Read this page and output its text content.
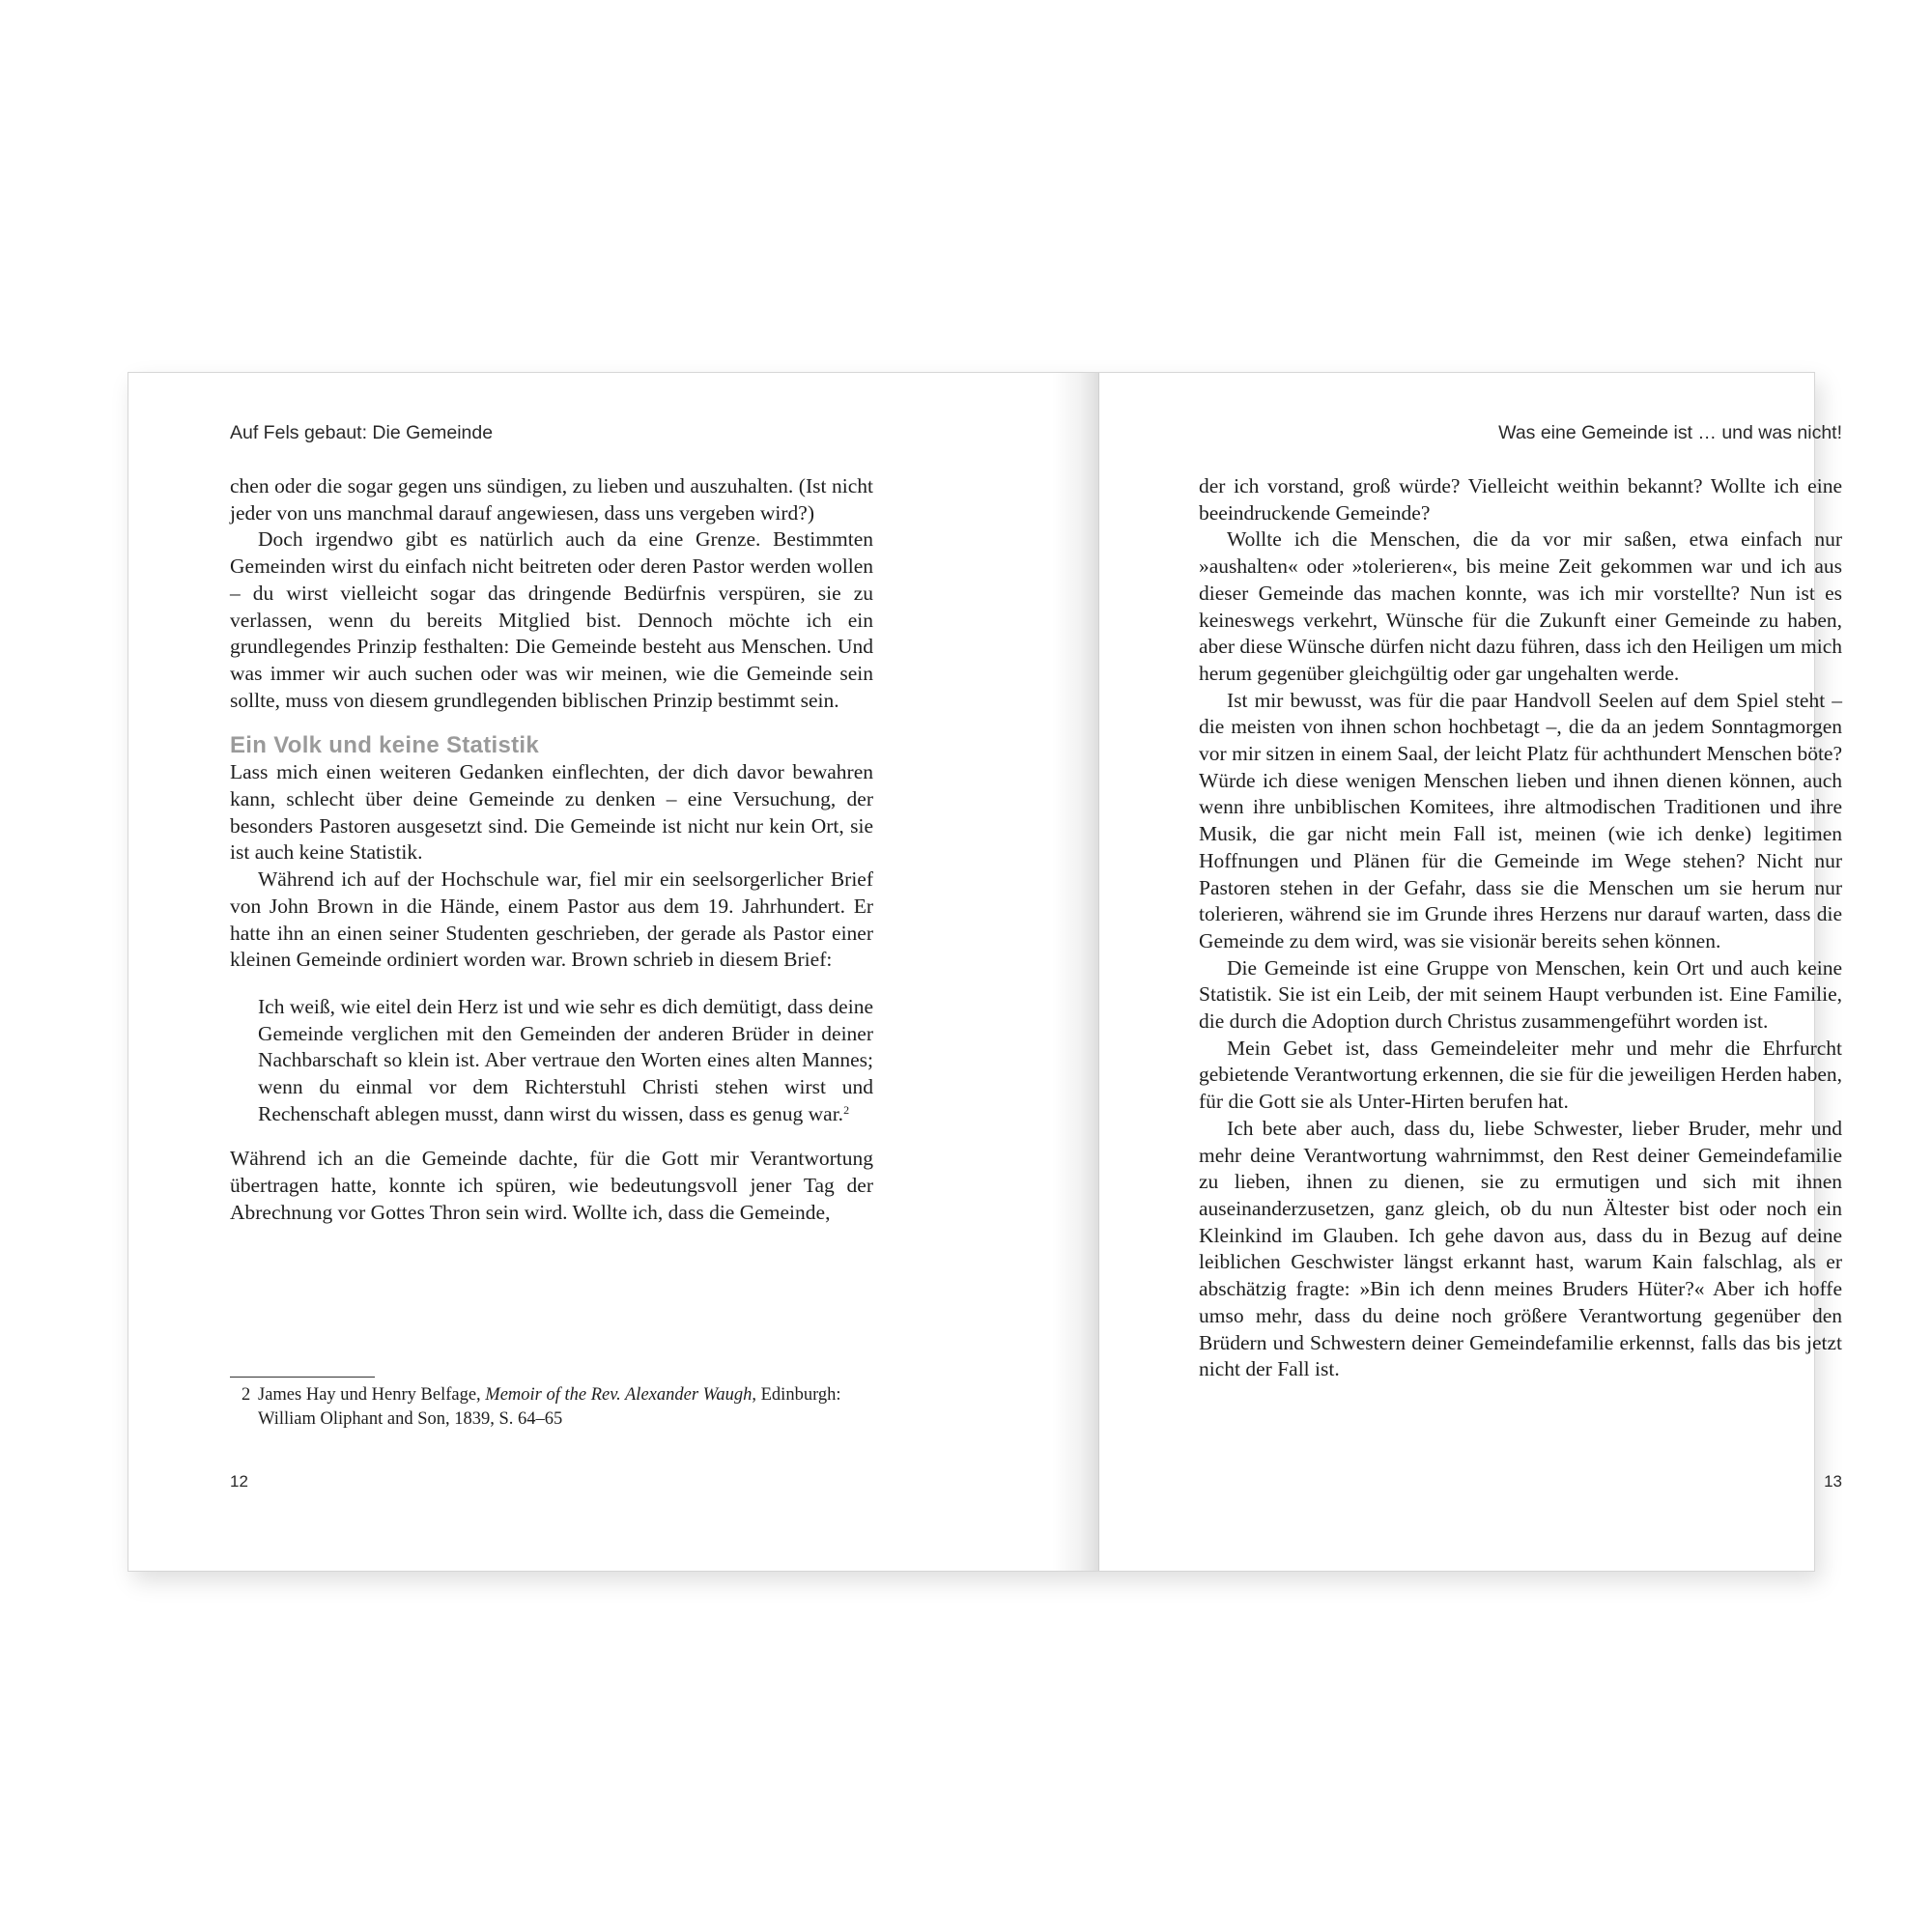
Auf Fels gebaut: Die Gemeinde

chen oder die sogar gegen uns sündigen, zu lieben und auszuhalten. (Ist nicht jeder von uns manchmal darauf angewiesen, dass uns vergeben wird?)

Doch irgendwo gibt es natürlich auch da eine Grenze. Bestimmten Gemeinden wirst du einfach nicht beitreten oder deren Pastor werden wollen – du wirst vielleicht sogar das dringende Bedürfnis verspüren, sie zu verlassen, wenn du bereits Mitglied bist. Dennoch möchte ich ein grundlegendes Prinzip festhalten: Die Gemeinde besteht aus Menschen. Und was immer wir auch suchen oder was wir meinen, wie die Gemeinde sein sollte, muss von diesem grundlegenden biblischen Prinzip bestimmt sein.

Ein Volk und keine Statistik

Lass mich einen weiteren Gedanken einflechten, der dich davor bewahren kann, schlecht über deine Gemeinde zu denken – eine Versuchung, der besonders Pastoren ausgesetzt sind. Die Gemeinde ist nicht nur kein Ort, sie ist auch keine Statistik.

Während ich auf der Hochschule war, fiel mir ein seelsorgerlicher Brief von John Brown in die Hände, einem Pastor aus dem 19. Jahrhundert. Er hatte ihn an einen seiner Studenten geschrieben, der gerade als Pastor einer kleinen Gemeinde ordiniert worden war. Brown schrieb in diesem Brief:

Ich weiß, wie eitel dein Herz ist und wie sehr es dich demütigt, dass deine Gemeinde verglichen mit den Gemeinden der anderen Brüder in deiner Nachbarschaft so klein ist. Aber vertraue den Worten eines alten Mannes; wenn du einmal vor dem Richterstuhl Christi stehen wirst und Rechenschaft ablegen musst, dann wirst du wissen, dass es genug war.$^2$

Während ich an die Gemeinde dachte, für die Gott mir Verantwortung übertragen hatte, konnte ich spüren, wie bedeutungsvoll jener Tag der Abrechnung vor Gottes Thron sein wird. Wollte ich, dass die Gemeinde,

2 James Hay und Henry Belfage, Memoir of the Rev. Alexander Waugh, Edinburgh:
William Oliphant and Son, 1839, S. 64–65
12
Was eine Gemeinde ist … und was nicht!

der ich vorstand, groß würde? Vielleicht weithin bekannt? Wollte ich eine beeindruckende Gemeinde?

Wollte ich die Menschen, die da vor mir saßen, etwa einfach nur »aushalten« oder »tolerieren«, bis meine Zeit gekommen war und ich aus dieser Gemeinde das machen konnte, was ich mir vorstellte? Nun ist es keineswegs verkehrt, Wünsche für die Zukunft einer Gemeinde zu haben, aber diese Wünsche dürfen nicht dazu führen, dass ich den Heiligen um mich herum gegenüber gleichgültig oder gar ungehalten werde.

Ist mir bewusst, was für die paar Handvoll Seelen auf dem Spiel steht – die meisten von ihnen schon hochbetagt –, die da an jedem Sonntagmorgen vor mir sitzen in einem Saal, der leicht Platz für achthundert Menschen böte? Würde ich diese wenigen Menschen lieben und ihnen dienen können, auch wenn ihre unbiblischen Komitees, ihre altmodischen Traditionen und ihre Musik, die gar nicht mein Fall ist, meinen (wie ich denke) legitimen Hoffnungen und Plänen für die Gemeinde im Wege stehen? Nicht nur Pastoren stehen in der Gefahr, dass sie die Menschen um sie herum nur tolerieren, während sie im Grunde ihres Herzens nur darauf warten, dass die Gemeinde zu dem wird, was sie visionär bereits sehen können.

Die Gemeinde ist eine Gruppe von Menschen, kein Ort und auch keine Statistik. Sie ist ein Leib, der mit seinem Haupt verbunden ist. Eine Familie, die durch die Adoption durch Christus zusammengeführt worden ist.

Mein Gebet ist, dass Gemeindeleiter mehr und mehr die Ehrfurcht gebietende Verantwortung erkennen, die sie für die jeweiligen Herden haben, für die Gott sie als Unter-Hirten berufen hat.

Ich bete aber auch, dass du, liebe Schwester, lieber Bruder, mehr und mehr deine Verantwortung wahrnimmst, den Rest deiner Gemeindefamilie zu lieben, ihnen zu dienen, sie zu ermutigen und sich mit ihnen auseinanderzusetzen, ganz gleich, ob du nun Ältester bist oder noch ein Kleinkind im Glauben. Ich gehe davon aus, dass du in Bezug auf deine leiblichen Geschwister längst erkannt hast, warum Kain falschlag, als er abschätzig fragte: »Bin ich denn meines Bruders Hüter?« Aber ich hoffe umso mehr, dass du deine noch größere Verantwortung gegenüber den Brüdern und Schwestern deiner Gemeindefamilie erkennst, falls das bis jetzt nicht der Fall ist.

13
